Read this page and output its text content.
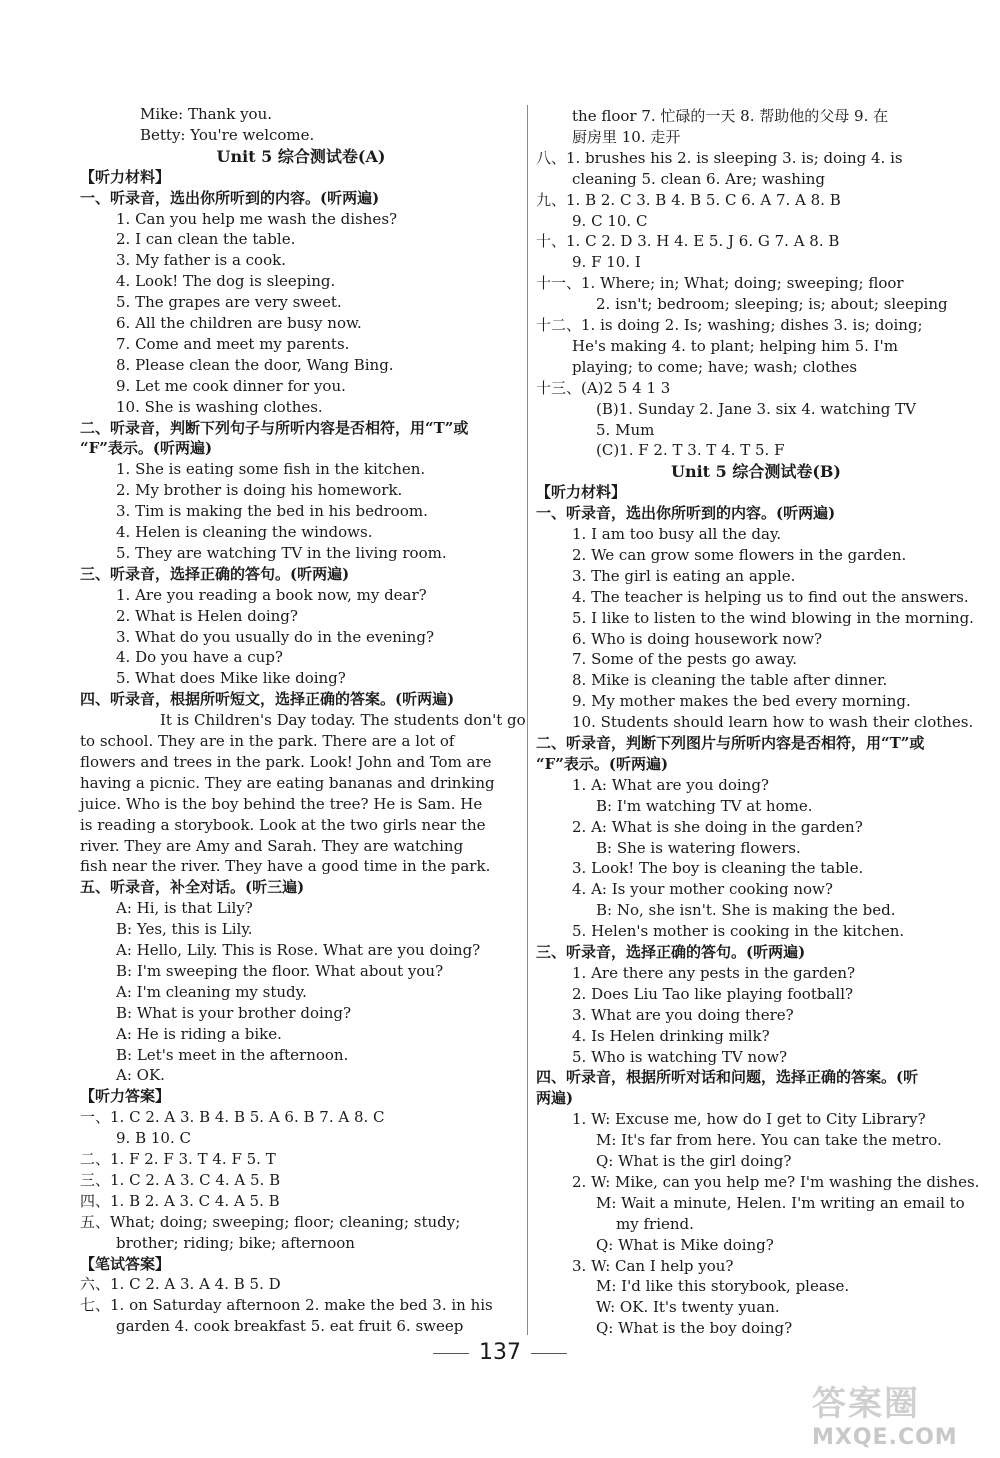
Mike: Thank you.
Betty: You're welcome.
Unit 5 综合测试卷(A)
【听力材料】
一、听录音，选出你所听到的内容。(听两遍)
1. Can you help me wash the dishes?
2. I can clean the table.
3. My father is a cook.
4. Look! The dog is sleeping.
5. The grapes are very sweet.
6. All the children are busy now.
7. Come and meet my parents.
8. Please clean the door, Wang Bing.
9. Let me cook dinner for you.
10. She is washing clothes.
二、听录音，判断下列句子与所听内容是否相符，用“T”或
“F”表示。(听两遍)
1. She is eating some fish in the kitchen.
2. My brother is doing his homework.
3. Tim is making the bed in his bedroom.
4. Helen is cleaning the windows.
5. They are watching TV in the living room.
三、听录音，选择正确的答句。(听两遍)
1. Are you reading a book now, my dear?
2. What is Helen doing?
3. What do you usually do in the evening?
4. Do you have a cup?
5. What does Mike like doing?
四、听录音，根据所听短文，选择正确的答案。(听两遍)
It is Children's Day today. The students don't go
to school. They are in the park. There are a lot of
flowers and trees in the park. Look! John and Tom are
having a picnic. They are eating bananas and drinking
juice. Who is the boy behind the tree? He is Sam. He
is reading a storybook. Look at the two girls near the
river. They are Amy and Sarah. They are watching
fish near the river. They have a good time in the park.
五、听录音，补全对话。(听三遍)
A: Hi, is that Lily?
B: Yes, this is Lily.
A: Hello, Lily. This is Rose. What are you doing?
B: I'm sweeping the floor. What about you?
A: I'm cleaning my study.
B: What is your brother doing?
A: He is riding a bike.
B: Let's meet in the afternoon.
A: OK.
【听力答案】
一、1. C 2. A 3. B 4. B 5. A 6. B 7. A 8. C
9. B 10. C
二、1. F 2. F 3. T 4. F 5. T
三、1. C 2. A 3. C 4. A 5. B
四、1. B 2. A 3. C 4. A 5. B
五、What; doing; sweeping; floor; cleaning; study;
brother; riding; bike; afternoon
【笔试答案】
六、1. C 2. A 3. A 4. B 5. D
七、1. on Saturday afternoon 2. make the bed 3. in his
garden 4. cook breakfast 5. eat fruit 6. sweep
the floor 7. 忙碌的一天 8. 帮助他的父母 9. 在
厨房里 10. 走开
八、1. brushes his 2. is sleeping 3. is; doing 4. is
cleaning 5. clean 6. Are; washing
九、1. B 2. C 3. B 4. B 5. C 6. A 7. A 8. B
9. C 10. C
十、1. C 2. D 3. H 4. E 5. J 6. G 7. A 8. B
9. F 10. I
十一、1. Where; in; What; doing; sweeping; floor
2. isn't; bedroom; sleeping; is; about; sleeping
十二、1. is doing 2. Is; washing; dishes 3. is; doing;
He's making 4. to plant; helping him 5. I'm
playing; to come; have; wash; clothes
十三、(A)2 5 4 1 3
(B)1. Sunday 2. Jane 3. six 4. watching TV
5. Mum
(C)1. F 2. T 3. T 4. T 5. F
Unit 5 综合测试卷(B)
【听力材料】
一、听录音，选出你所听到的内容。(听两遍)
1. I am too busy all the day.
2. We can grow some flowers in the garden.
3. The girl is eating an apple.
4. The teacher is helping us to find out the answers.
5. I like to listen to the wind blowing in the morning.
6. Who is doing housework now?
7. Some of the pests go away.
8. Mike is cleaning the table after dinner.
9. My mother makes the bed every morning.
10. Students should learn how to wash their clothes.
二、听录音，判断下列图片与所听内容是否相符，用“T”或
“F”表示。(听两遍)
1. A: What are you doing?
B: I'm watching TV at home.
2. A: What is she doing in the garden?
B: She is watering flowers.
3. Look! The boy is cleaning the table.
4. A: Is your mother cooking now?
B: No, she isn't. She is making the bed.
5. Helen's mother is cooking in the kitchen.
三、听录音，选择正确的答句。(听两遍)
1. Are there any pests in the garden?
2. Does Liu Tao like playing football?
3. What are you doing there?
4. Is Helen drinking milk?
5. Who is watching TV now?
四、听录音，根据所听对话和问题，选择正确的答案。(听
两遍)
1. W: Excuse me, how do I get to City Library?
M: It's far from here. You can take the metro.
Q: What is the girl doing?
2. W: Mike, can you help me? I'm washing the dishes.
M: Wait a minute, Helen. I'm writing an email to
my friend.
Q: What is Mike doing?
3. W: Can I help you?
M: I'd like this storybook, please.
W: OK. It's twenty yuan.
Q: What is the boy doing?
137
答案圈
MXQE.COM
